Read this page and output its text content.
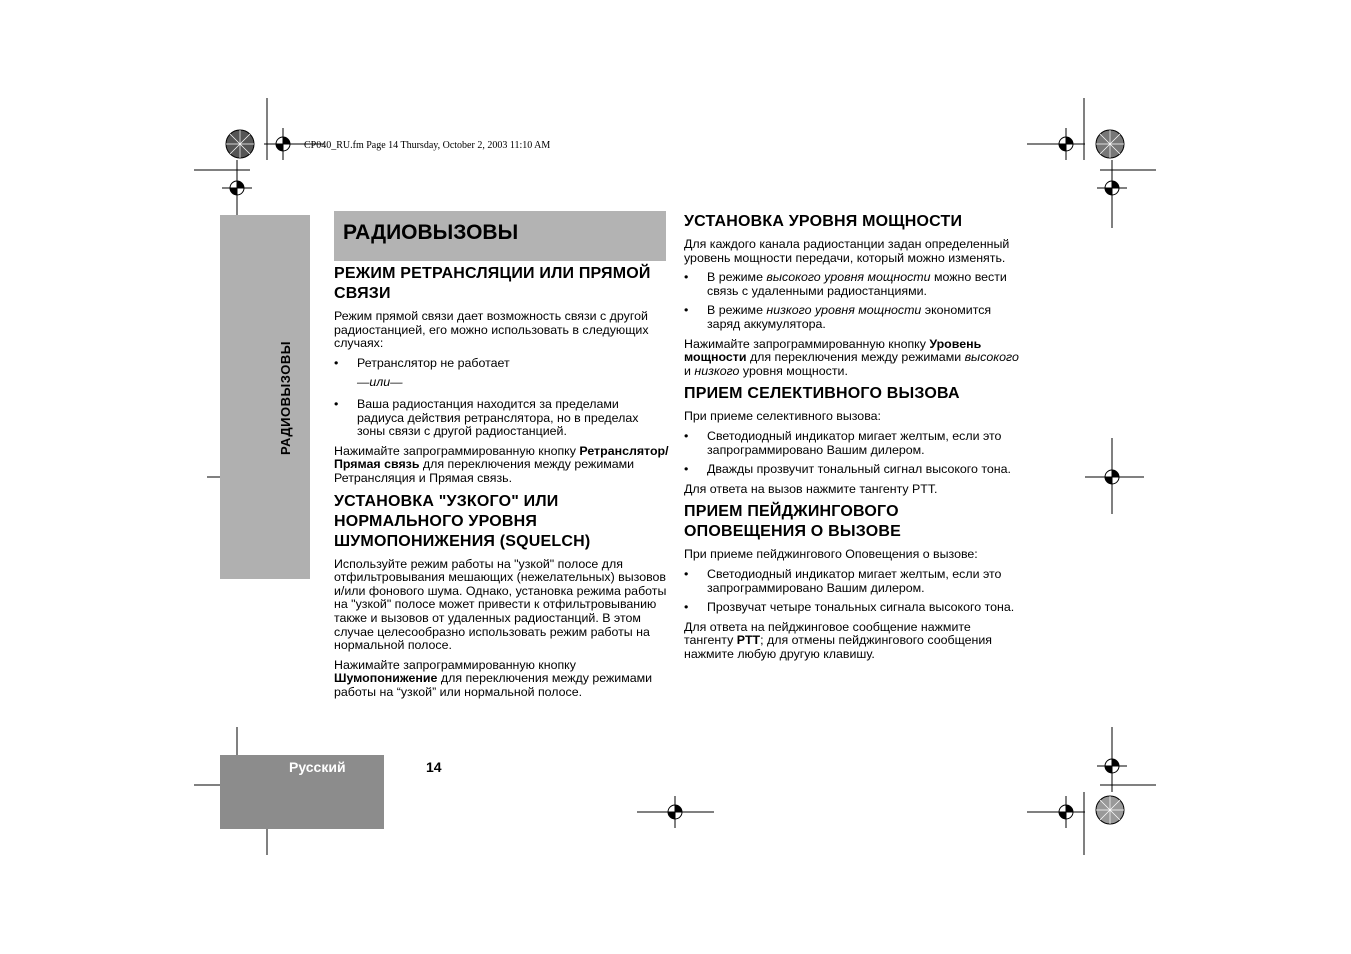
CP040_RU.fm Page 14 Thursday, October 2, 2003 11:10 AM
РАДИОВЫЗОВЫ
РАДИОВЫЗОВЫ
РЕЖИМ РЕТРАНСЛЯЦИИ ИЛИ ПРЯМОЙ СВЯЗИ

Режим прямой связи дает возможность связи с другой радиостанцией, его можно использовать в следующих случаях:

• Ретранслятор не работает
—или—
• Ваша радиостанция находится за пределами радиуса действия ретранслятора, но в пределах зоны связи с другой радиостанцией.

Нажимайте запрограммированную кнопку Ретранслятор/Прямая связь для переключения между режимами Ретрансляция и Прямая связь.

УСТАНОВКА "УЗКОГО" ИЛИ НОРМАЛЬНОГО УРОВНЯ ШУМОПОНИЖЕНИЯ (SQUELCH)

Используйте режим работы на "узкой" полосе для отфильтровывания мешающих (нежелательных) вызовов и/или фонового шума. Однако, установка режима работы на "узкой" полосе может привести к отфильтровыванию также и вызовов от удаленных радиостанций. В этом случае целесообразно использовать режим работы на нормальной полосе.

Нажимайте запрограммированную кнопку Шумопонижение для переключения между режимами работы на “узкой” или нормальной полосе.

УСТАНОВКА УРОВНЯ МОЩНОСТИ

Для каждого канала радиостанции задан определенный уровень мощности передачи, который можно изменять.

• В режиме высокого уровня мощности можно вести связь с удаленными радиостанциями.
• В режиме низкого уровня мощности экономится заряд аккумулятора.

Нажимайте запрограммированную кнопку Уровень мощности для переключения между режимами высокого и низкого уровня мощности.

ПРИЕМ СЕЛЕКТИВНОГО ВЫЗОВА

При приеме селективного вызова:

• Светодиодный индикатор мигает желтым, если это запрограммировано Вашим дилером.
• Дважды прозвучит тональный сигнал высокого тона.

Для ответа на вызов нажмите тангенту PTT.

ПРИЕМ ПЕЙДЖИНГОВОГО ОПОВЕЩЕНИЯ О ВЫЗОВЕ

При приеме пейджингового Оповещения о вызове:

• Светодиодный индикатор мигает желтым, если это запрограммировано Вашим дилером.
• Прозвучат четыре тональных сигнала высокого тона.

Для ответа на пейджинговое сообщение нажмите тангенту PTT; для отмены пейджингового сообщения нажмите любую другую клавишу.

Русский	14
